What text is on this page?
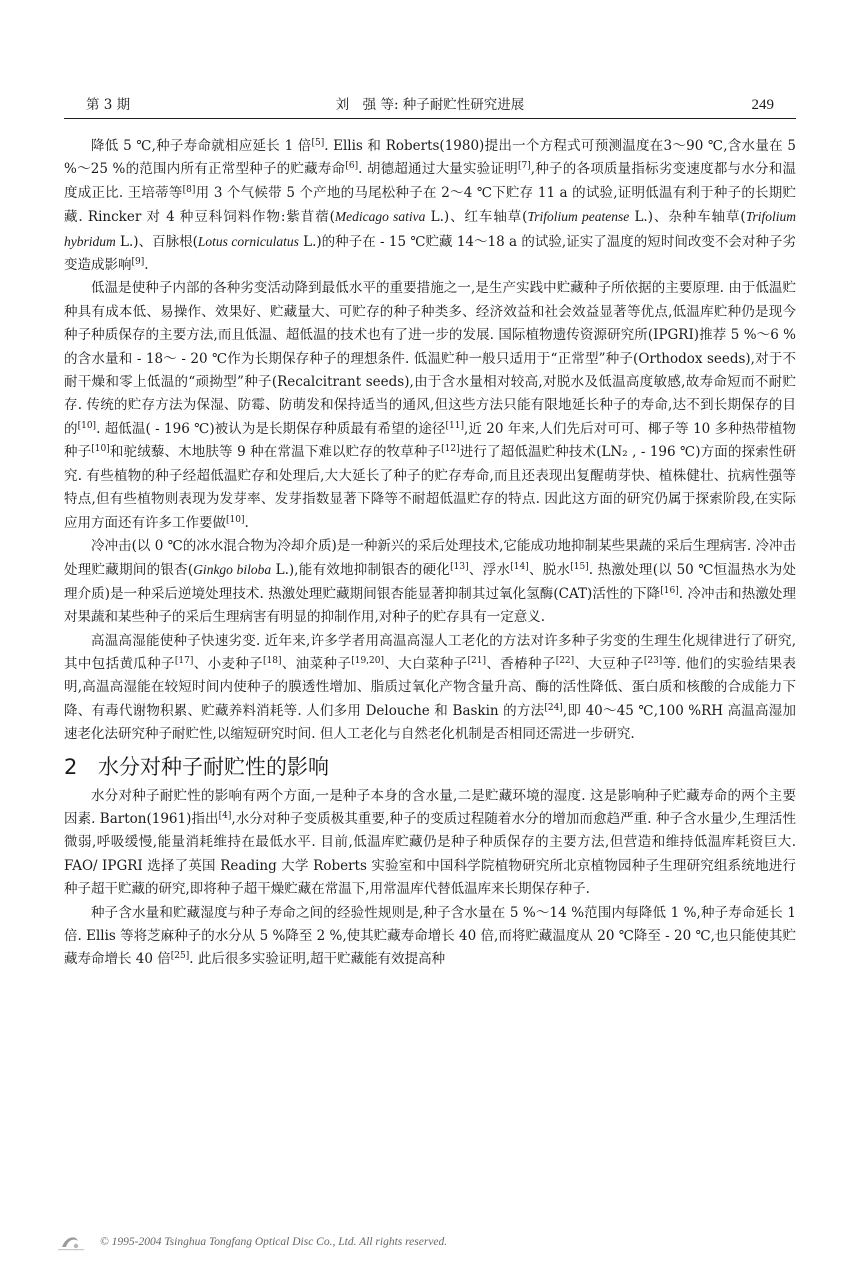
第 3 期	刘　强 等: 种子耐贮性研究进展	249

降低 5 ℃,种子寿命就相应延长 1 倍[5]. Ellis 和 Roberts(1980)提出一个方程式可预测温度在3～90 ℃,含水量在 5 %～25 %的范围内所有正常型种子的贮藏寿命[6]. 胡德超通过大量实验证明[7],种子的各项质量指标劣变速度都与水分和温度成正比. 王培蒂等[8]用 3 个气候带 5 个产地的马尾松种子在 2～4 ℃下贮存 11 a 的试验,证明低温有利于种子的长期贮藏. Rincker 对 4 种豆科饲料作物:紫苜蓿(Medicago sativa L.)、红车轴草(Trifolium peatense L.)、杂种车轴草(Trifolium hybridum L.)、百脉根(Lotus corniculatus L.)的种子在 - 15 ℃贮藏 14～18 a 的试验,证实了温度的短时间改变不会对种子劣变造成影响[9].

低温是使种子内部的各种劣变活动降到最低水平的重要措施之一,是生产实践中贮藏种子所依据的主要原理. 由于低温贮种具有成本低、易操作、效果好、贮藏量大、可贮存的种子种类多、经济效益和社会效益显著等优点,低温库贮种仍是现今种子种质保存的主要方法,而且低温、超低温的技术也有了进一步的发展. 国际植物遗传资源研究所(IPGRI)推荐 5 %～6 %的含水量和 - 18～ - 20 ℃作为长期保存种子的理想条件. 低温贮种一般只适用于“正常型”种子(Orthodox seeds),对于不耐干燥和零上低温的“顽拗型”种子(Recalcitrant seeds),由于含水量相对较高,对脱水及低温高度敏感,故寿命短而不耐贮存. 传统的贮存方法为保湿、防霉、防萌发和保持适当的通风,但这些方法只能有限地延长种子的寿命,达不到长期保存的目的[10]. 超低温( - 196 ℃)被认为是长期保存种质最有希望的途径[11],近 20 年来,人们先后对可可、椰子等 10 多种热带植物种子[10]和驼绒藜、木地肤等 9 种在常温下难以贮存的牧草种子[12]进行了超低温贮种技术(LN₂ , - 196 ℃)方面的探索性研究. 有些植物的种子经超低温贮存和处理后,大大延长了种子的贮存寿命,而且还表现出复醒萌芽快、植株健壮、抗病性强等特点,但有些植物则表现为发芽率、发芽指数显著下降等不耐超低温贮存的特点. 因此这方面的研究仍属于探索阶段,在实际应用方面还有许多工作要做[10].

冷冲击(以 0 ℃的冰水混合物为冷却介质)是一种新兴的采后处理技术,它能成功地抑制某些果蔬的采后生理病害. 冷冲击处理贮藏期间的银杏(Ginkgo biloba L.),能有效地抑制银杏的硬化[13]、浮水[14]、脱水[15]. 热激处理(以 50 ℃恒温热水为处理介质)是一种采后逆境处理技术. 热激处理贮藏期间银杏能显著抑制其过氧化氢酶(CAT)活性的下降[16]. 冷冲击和热激处理对果蔬和某些种子的采后生理病害有明显的抑制作用,对种子的贮存具有一定意义.

高温高湿能使种子快速劣变. 近年来,许多学者用高温高湿人工老化的方法对许多种子劣变的生理生化规律进行了研究,其中包括黄瓜种子[17]、小麦种子[18]、油菜种子[19,20]、大白菜种子[21]、香椿种子[22]、大豆种子[23]等. 他们的实验结果表明,高温高湿能在较短时间内使种子的膜透性增加、脂质过氧化产物含量升高、酶的活性降低、蛋白质和核酸的合成能力下降、有毒代谢物积累、贮藏养料消耗等. 人们多用 Delouche 和 Baskin 的方法[24],即 40～45 ℃,100 %RH 高温高湿加速老化法研究种子耐贮性,以缩短研究时间. 但人工老化与自然老化机制是否相同还需进一步研究.

2 水分对种子耐贮性的影响

水分对种子耐贮性的影响有两个方面,一是种子本身的含水量,二是贮藏环境的湿度. 这是影响种子贮藏寿命的两个主要因素. Barton(1961)指出[4],水分对种子变质极其重要,种子的变质过程随着水分的增加而愈趋严重. 种子含水量少,生理活性微弱,呼吸缓慢,能量消耗维持在最低水平. 目前,低温库贮藏仍是种子种质保存的主要方法,但营造和维持低温库耗资巨大. FAO/ IPGRI 选择了英国 Reading 大学 Roberts 实验室和中国科学院植物研究所北京植物园种子生理研究组系统地进行种子超干贮藏的研究,即将种子超干燥贮藏在常温下,用常温库代替低温库来长期保存种子.

种子含水量和贮藏湿度与种子寿命之间的经验性规则是,种子含水量在 5 %～14 %范围内每降低 1 %,种子寿命延长 1 倍. Ellis 等将芝麻种子的水分从 5 %降至 2 %,使其贮藏寿命增长 40 倍,而将贮藏温度从 20 ℃降至 - 20 ℃,也只能使其贮藏寿命增长 40 倍[25]. 此后很多实验证明,超干贮藏能有效提高种

© 1995-2004 Tsinghua Tongfang Optical Disc Co., Ltd. All rights reserved.
